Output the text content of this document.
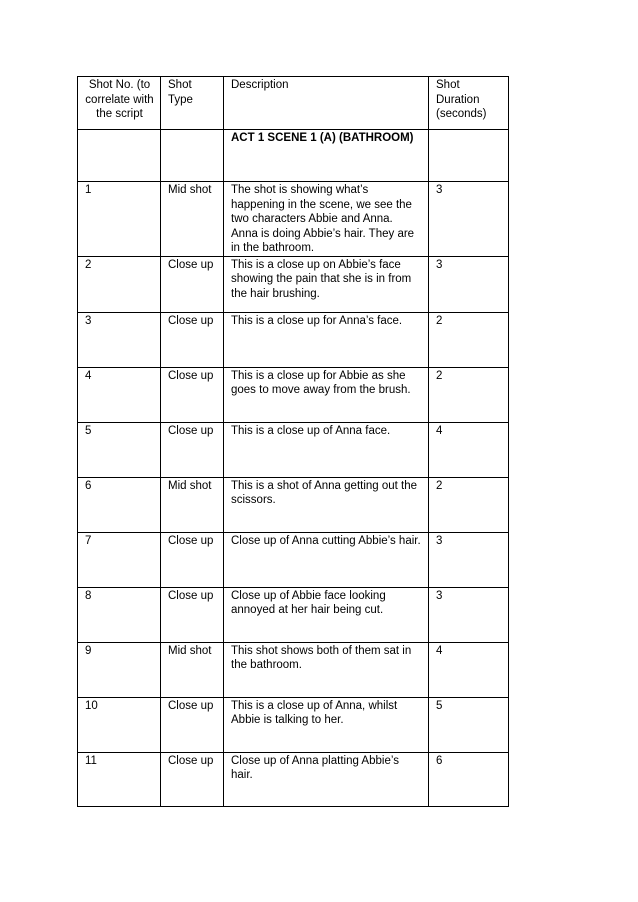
Shot No. (to correlate with the script	Shot Type	Description	Shot Duration (seconds)
		ACT 1 SCENE 1 (A) (BATHROOM)	
1	Mid shot	The shot is showing what’s happening in the scene, we see the two characters Abbie and Anna. Anna is doing Abbie’s hair. They are in the bathroom.	3
2	Close up	This is a close up on Abbie’s face showing the pain that she is in from the hair brushing.	3
3	Close up	This is a close up for Anna’s face.	2
4	Close up	This is a close up for Abbie as she goes to move away from the brush.	2
5	Close up	This is a close up of Anna face.	4
6	Mid shot	This is a shot of Anna getting out the scissors.	2
7	Close up	Close up of Anna cutting Abbie’s hair.	3
8	Close up	Close up of Abbie face looking annoyed at her hair being cut.	3
9	Mid shot	This shot shows both of them sat in the bathroom.	4
10	Close up	This is a close up of Anna, whilst Abbie is talking to her.	5
11	Close up	Close up of Anna platting Abbie’s hair.	6
